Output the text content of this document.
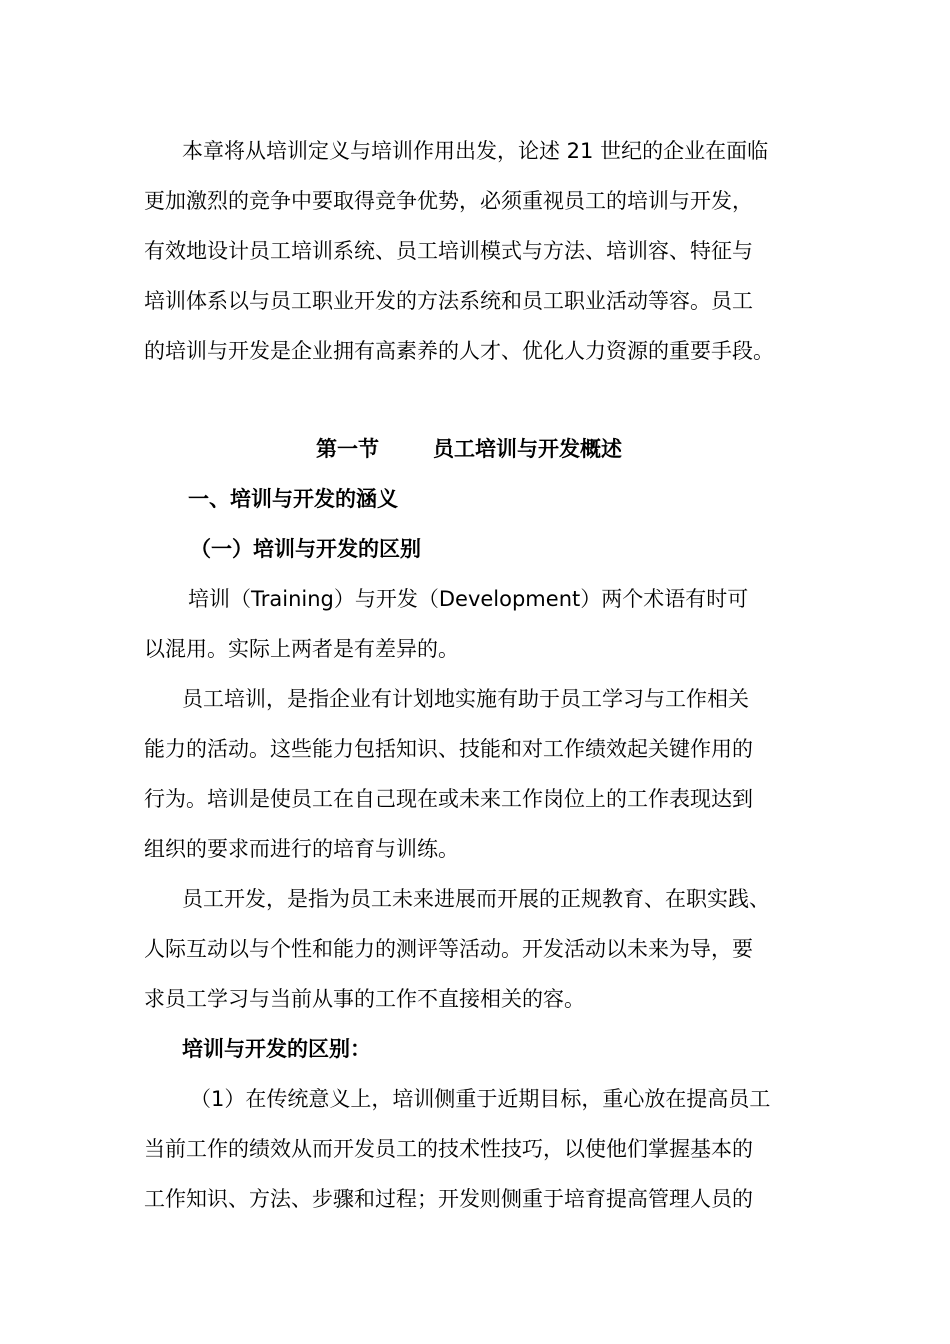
本章将从培训定义与培训作用出发，论述 21 世纪的企业在面临
更加激烈的竞争中要取得竞争优势，必须重视员工的培训与开发，
有效地设计员工培训系统、员工培训模式与方法、培训容、特征与
培训体系以与员工职业开发的方法系统和员工职业活动等容。员工
的培训与开发是企业拥有高素养的人才、优化人力资源的重要手段。
第一节	员工培训与开发概述
一、培训与开发的涵义
（一）培训与开发的区别
培训（Training）与开发（Development）两个术语有时可
以混用。实际上两者是有差异的。
员工培训，是指企业有计划地实施有助于员工学习与工作相关
能力的活动。这些能力包括知识、技能和对工作绩效起关键作用的
行为。培训是使员工在自己现在或未来工作岗位上的工作表现达到
组织的要求而进行的培育与训练。
员工开发，是指为员工未来进展而开展的正规教育、在职实践、
人际互动以与个性和能力的测评等活动。开发活动以未来为导，要
求员工学习与当前从事的工作不直接相关的容。
培训与开发的区别：
（1）在传统意义上，培训侧重于近期目标，重心放在提高员工
当前工作的绩效从而开发员工的技术性技巧，以使他们掌握基本的
工作知识、方法、步骤和过程；开发则侧重于培育提高管理人员的
